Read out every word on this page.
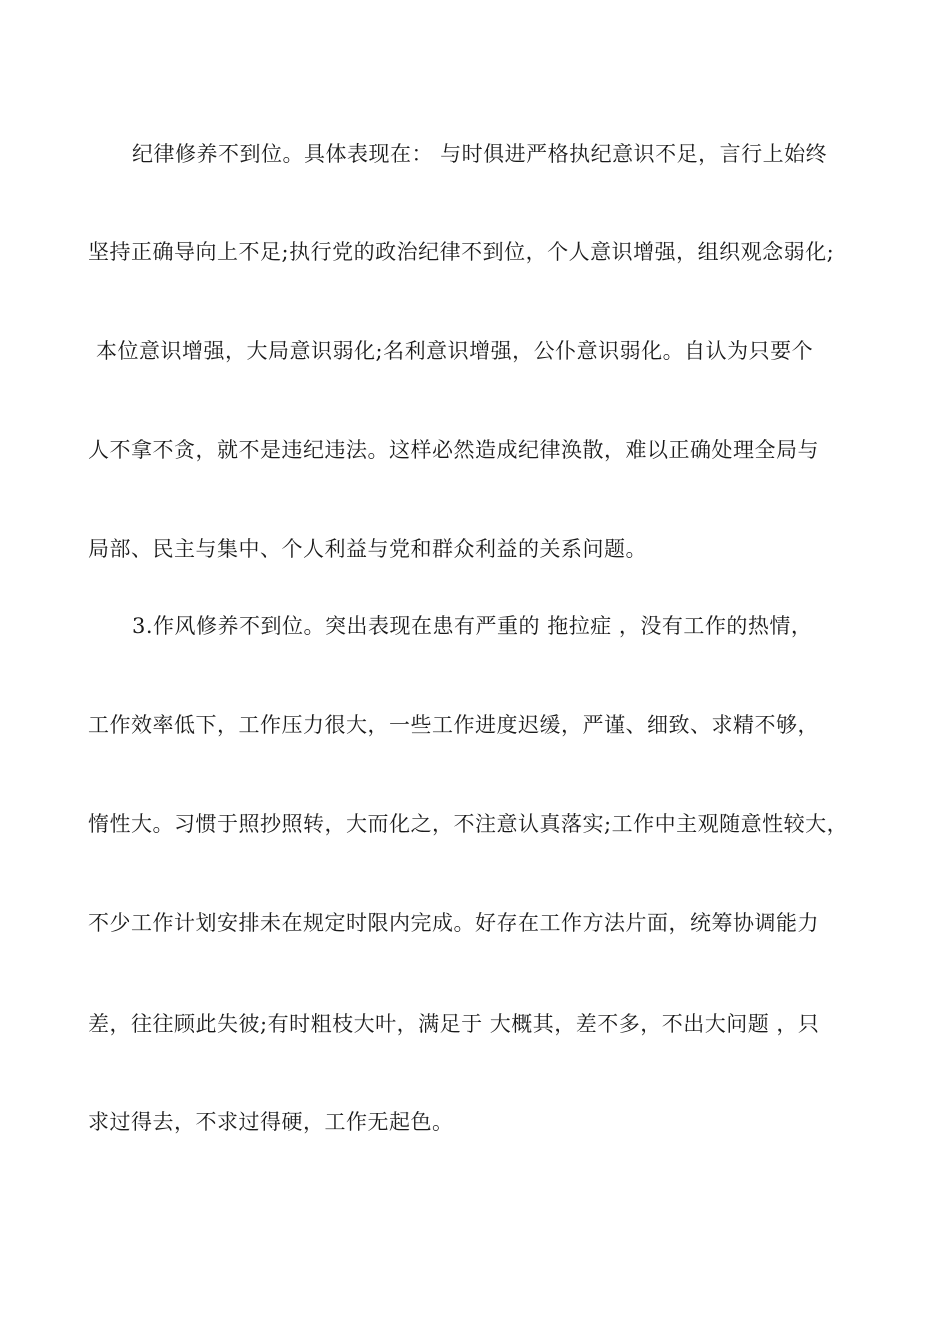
纪律修养不到位。具体表现在： 与时俱进严格执纪意识不足，言行上始终
坚持正确导向上不足;执行党的政治纪律不到位，个人意识增强，组织观念弱化;
本位意识增强，大局意识弱化;名利意识增强，公仆意识弱化。自认为只要个
人不拿不贪，就不是违纪违法。这样必然造成纪律涣散，难以正确处理全局与
局部、民主与集中、个人利益与党和群众利益的关系问题。
3.作风修养不到位。突出表现在患有严重的 拖拉症 ，没有工作的热情，
工作效率低下，工作压力很大，一些工作进度迟缓，严谨、细致、求精不够，
惰性大。习惯于照抄照转，大而化之，不注意认真落实;工作中主观随意性较大，
不少工作计划安排未在规定时限内完成。好存在工作方法片面，统筹协调能力
差，往往顾此失彼;有时粗枝大叶，满足于 大概其，差不多，不出大问题 ，只
求过得去，不求过得硬，工作无起色。
